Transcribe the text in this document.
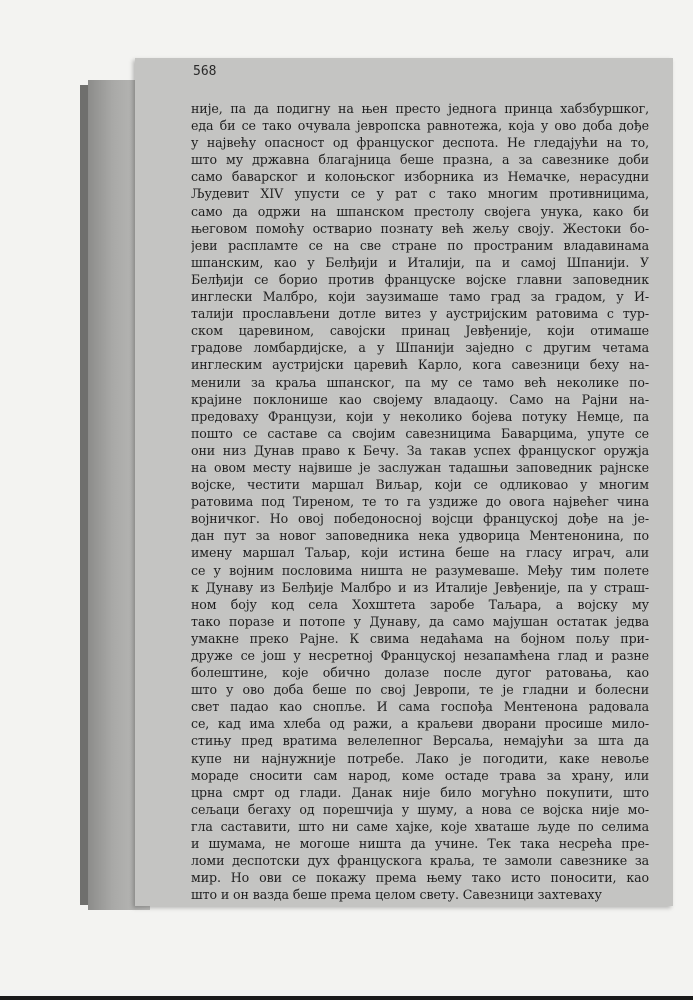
568
није, па да подигну на њен престо једнога принца хабзбуршког,
еда би се тако очувала јевропска равнотежа, која у ово доба дође
у највећу опасност од француског деспота. Не гледајући на то,
што му државна благајница беше празна, а за савезнике доби
само баварског и колоњског изборника из Немачке, нерасудни
Људевит XIV упусти се у рат с тако многим противницима,
само да одржи на шпанском престолу својега унука, како би
његовом помоћу остварио познату већ жељу своју. Жестоки бо-
јеви распламте се на све стране по пространим владавинама
шпанским, као у Белђији и Италији, па и самој Шпанији. У
Белђији се борио против француске војске главни заповедник
инглески Малбро, који заузимаше тамо град за градом, у И-
талији прослављени дотле витез у аустријским ратовима с тур-
ском царевином, савојски принац Јевђеније, који отимаше
градове ломбардијске, а у Шпанији заједно с другим четама
инглеским аустријски царевић Карло, кога савезници беху на-
менили за краља шпанског, па му се тамо већ неколике по-
крајине поклонише као својему владаоцу. Само на Рајни на-
предоваху Французи, који у неколико бојева потуку Немце, па
пошто се саставе са својим савезницима Баварцима, упуте се
они низ Дунав право к Бечу. За такав успех француског оружја
на овом месту највише је заслужан тадашњи заповедник рајнске
војске, честити маршал Виљар, који се одликовао у многим
ратовима под Тиреном, те то га уздиже до овога највећег чина
војничког. Но овој победоносној војсци француској дође на је-
дан пут за новог заповедника нека удворица Ментенонина, по
имену маршал Таљар, који истина беше на гласу играч, али
се у војним пословима ништа не разумеваше. Међу тим полете
к Дунаву из Белђије Малбро и из Италије Јевђеније, па у страш-
ном боју код села Хохштета заробе Таљара, а војску му
тако поразе и потопе у Дунаву, да само мајушан остатак једва
умакне преко Рајне. К свима недаћама на бојном пољу при-
друже се још у несретној Француској незапамћена глад и разне
болештине, које обично долазе после дугог ратовања, као
што у ово доба беше по свој Јевропи, те је гладни и болесни
свет падао као снопље. И сама госпођа Ментенона радовала
се, кад има хлеба од ражи, а краљеви дворани просише мило-
стињу пред вратима велелепног Версаља, немајући за шта да
купе ни најнужније потребе. Лако је погодити, каке невоље
мораде сносити сам народ, коме остаде трава за храну, или
црна смрт од глади. Данак није било могућно покупити, што
сељаци бегаху од порешчија у шуму, а нова се војска није мо-
гла саставити, што ни саме хајке, које хваташе људе по селима
и шумама, не могоше ништа да учине. Тек така несрећа пре-
ломи деспотски дух францускога краља, те замоли савезнике за
мир. Но ови се покажу према њему тако исто поносити, као
што и он вазда беше према целом свету. Савезници захтеваху
